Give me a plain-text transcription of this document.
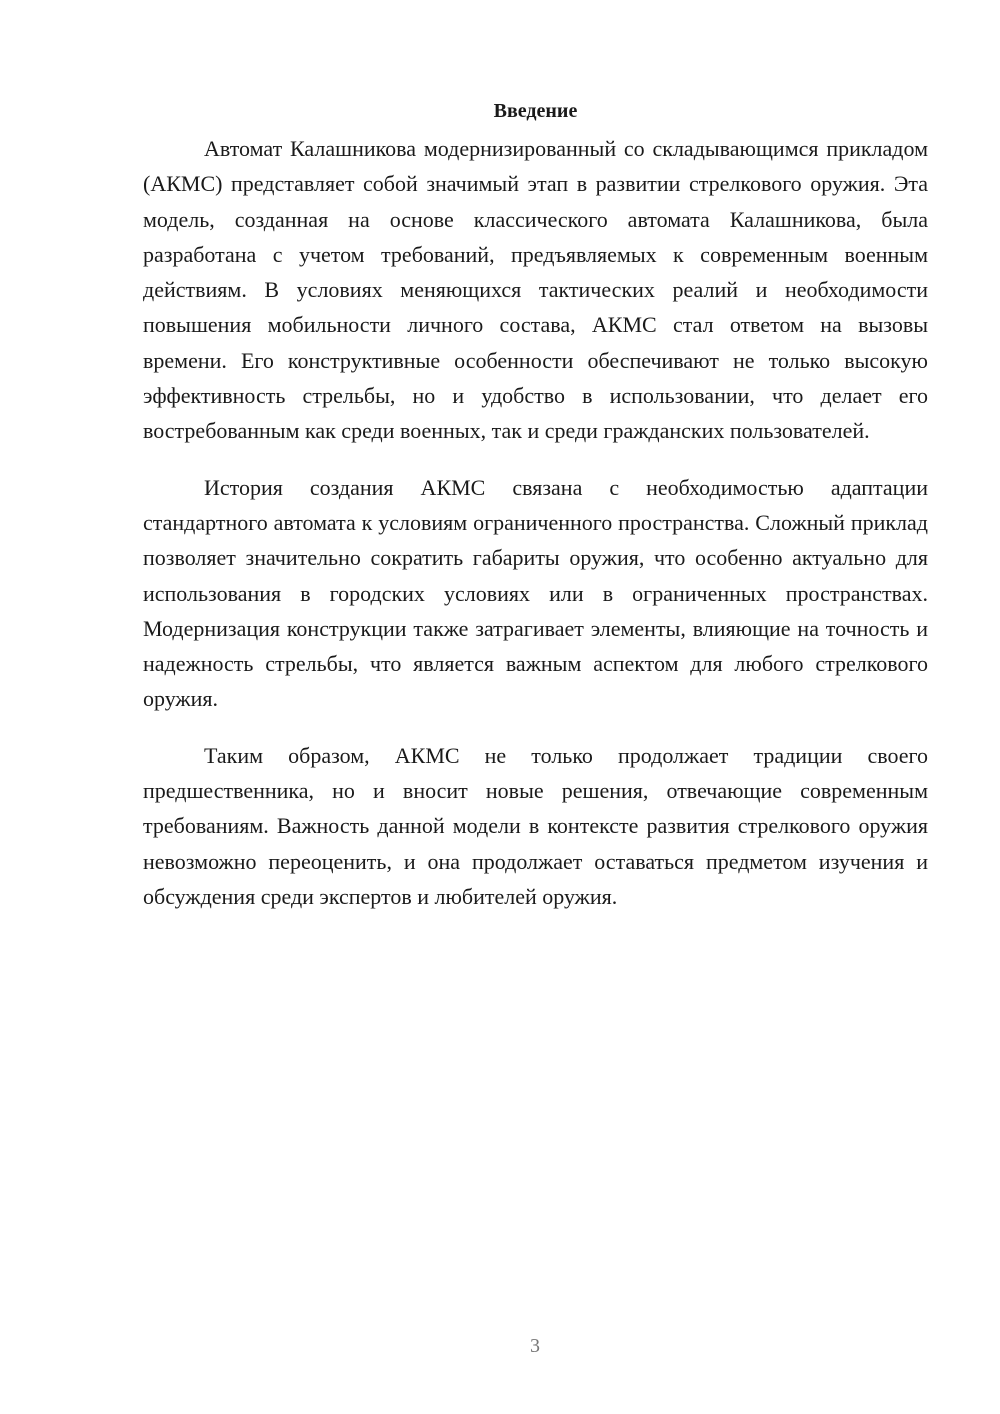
Введение

Автомат Калашникова модернизированный со складывающимся прикладом (АКМС) представляет собой значимый этап в развитии стрелкового оружия. Эта модель, созданная на основе классического автомата Калашникова, была разработана с учетом требований, предъявляемых к современным военным действиям. В условиях меняющихся тактических реалий и необходимости повышения мобильности личного состава, АКМС стал ответом на вызовы времени. Его конструктивные особенности обеспечивают не только высокую эффективность стрельбы, но и удобство в использовании, что делает его востребованным как среди военных, так и среди гражданских пользователей.

История создания АКМС связана с необходимостью адаптации стандартного автомата к условиям ограниченного пространства. Сложный приклад позволяет значительно сократить габариты оружия, что особенно актуально для использования в городских условиях или в ограниченных пространствах. Модернизация конструкции также затрагивает элементы, влияющие на точность и надежность стрельбы, что является важным аспектом для любого стрелкового оружия.

Таким образом, АКМС не только продолжает традиции своего предшественника, но и вносит новые решения, отвечающие современным требованиям. Важность данной модели в контексте развития стрелкового оружия невозможно переоценить, и она продолжает оставаться предметом изучения и обсуждения среди экспертов и любителей оружия.

3
